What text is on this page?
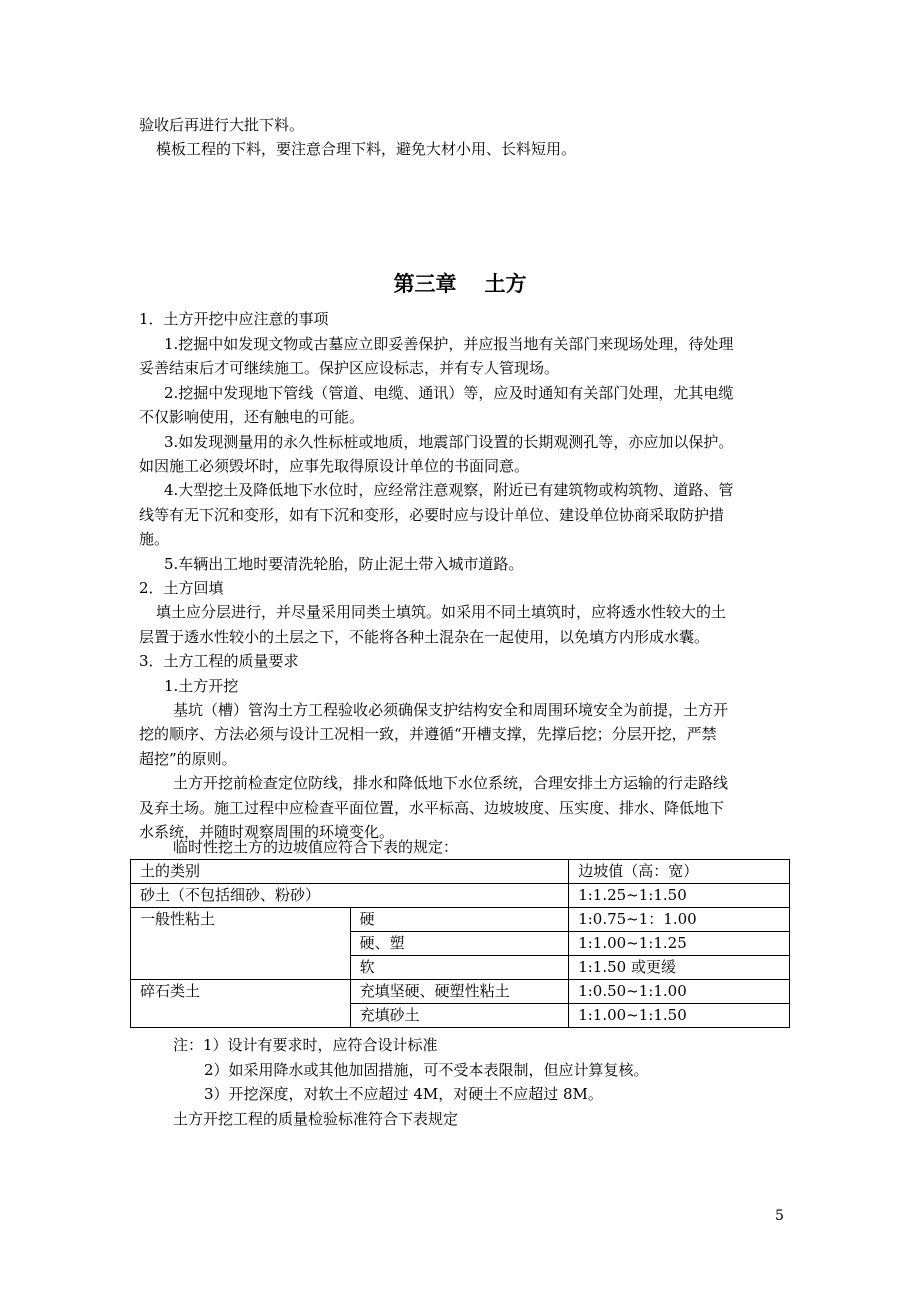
验收后再进行大批下料。
模板工程的下料，要注意合理下料，避免大材小用、长料短用。
第三章 土方
1．土方开挖中应注意的事项
1.挖掘中如发现文物或古墓应立即妥善保护，并应报当地有关部门来现场处理，待处理
妥善结束后才可继续施工。保护区应设标志，并有专人管现场。
2.挖掘中发现地下管线（管道、电缆、通讯）等，应及时通知有关部门处理，尤其电缆
不仅影响使用，还有触电的可能。
3.如发现测量用的永久性标桩或地质，地震部门设置的长期观测孔等，亦应加以保护。
如因施工必须毁坏时，应事先取得原设计单位的书面同意。
4.大型挖土及降低地下水位时，应经常注意观察，附近已有建筑物或构筑物、道路、管
线等有无下沉和变形，如有下沉和变形，必要时应与设计单位、建设单位协商采取防护措
施。
5.车辆出工地时要清洗轮胎，防止泥土带入城市道路。
2．土方回填
填土应分层进行，并尽量采用同类土填筑。如采用不同土填筑时，应将透水性较大的土
层置于透水性较小的土层之下，不能将各种土混杂在一起使用，以免填方内形成水囊。
3．土方工程的质量要求
1.土方开挖
基坑（槽）管沟土方工程验收必须确保支护结构安全和周围环境安全为前提，土方开
挖的顺序、方法必须与设计工况相一致，并遵循“开槽支撑，先撑后挖；分层开挖，严禁
超挖”的原则。
土方开挖前检查定位防线，排水和降低地下水位系统，合理安排土方运输的行走路线
及弃土场。施工过程中应检查平面位置，水平标高、边坡坡度、压实度、排水、降低地下
水系统，并随时观察周围的环境变化。
临时性挖土方的边坡值应符合下表的规定：
土的类别		边坡值（高：宽）
砂土（不包括细砂、粉砂）		1:1.25~1:1.50
一般性粘土	硬	1:0.75~1：1.00
	硬、塑	1:1.00~1:1.25
	软	1:1.50 或更缓
碎石类土	充填坚硬、硬塑性粘土	1:0.50~1:1.00
	充填砂土	1:1.00~1:1.50
注：1）设计有要求时，应符合设计标准
2）如采用降水或其他加固措施，可不受本表限制，但应计算复核。
3）开挖深度，对软土不应超过 4M，对硬土不应超过 8M。
土方开挖工程的质量检验标准符合下表规定
5
